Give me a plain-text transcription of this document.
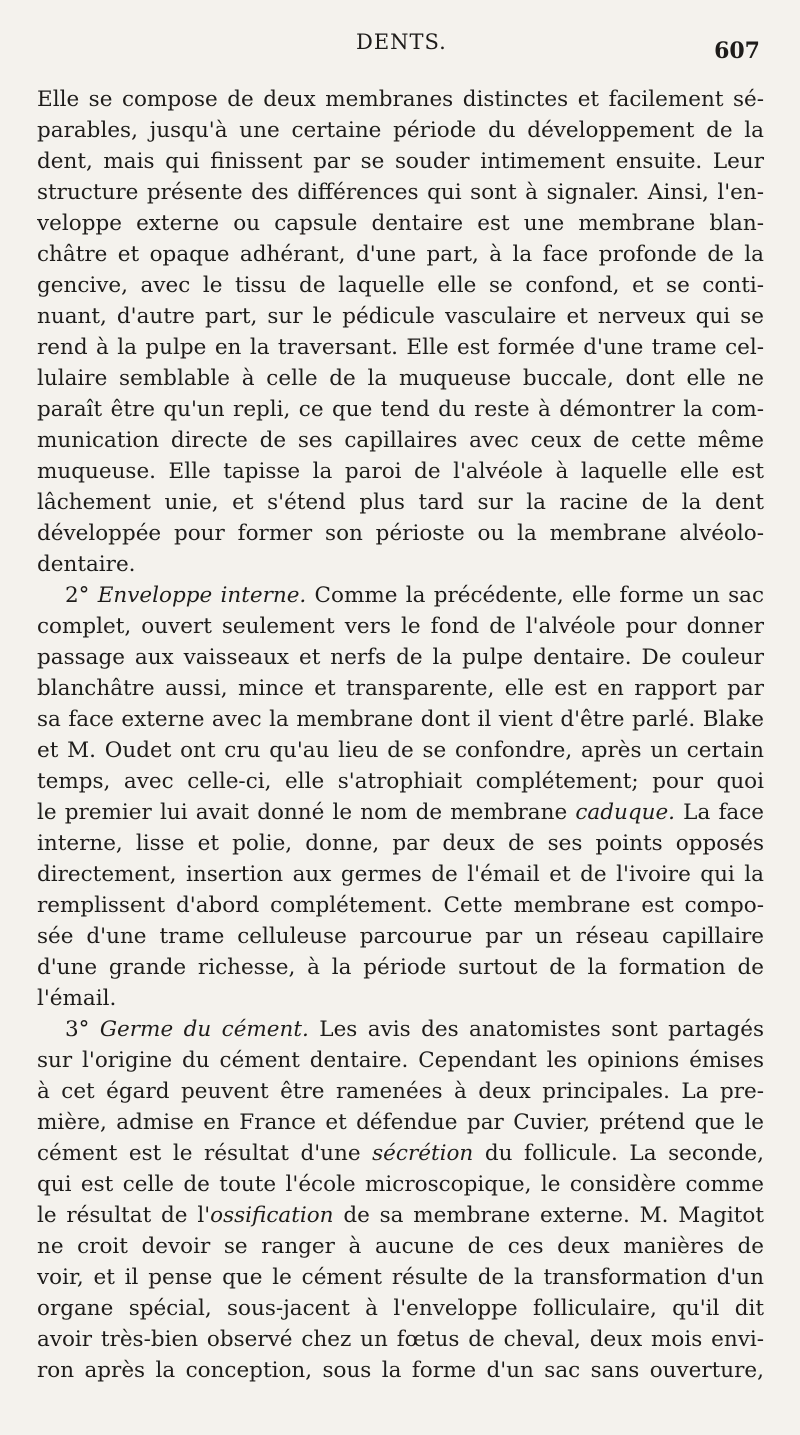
DENTS.	607
Elle se compose de deux membranes distinctes et facilement sé-
parables, jusqu'à une certaine période du développement de la
dent, mais qui finissent par se souder intimement ensuite. Leur
structure présente des différences qui sont à signaler. Ainsi, l'en-
veloppe externe ou capsule dentaire est une membrane blan-
châtre et opaque adhérant, d'une part, à la face profonde de la
gencive, avec le tissu de laquelle elle se confond, et se conti-
nuant, d'autre part, sur le pédicule vasculaire et nerveux qui se
rend à la pulpe en la traversant. Elle est formée d'une trame cel-
lulaire semblable à celle de la muqueuse buccale, dont elle ne
paraît être qu'un repli, ce que tend du reste à démontrer la com-
munication directe de ses capillaires avec ceux de cette même
muqueuse. Elle tapisse la paroi de l'alvéole à laquelle elle est
lâchement unie, et s'étend plus tard sur la racine de la dent
développée pour former son périoste ou la membrane alvéolo-
dentaire.
2° Enveloppe interne. Comme la précédente, elle forme un sac
complet, ouvert seulement vers le fond de l'alvéole pour donner
passage aux vaisseaux et nerfs de la pulpe dentaire. De couleur
blanchâtre aussi, mince et transparente, elle est en rapport par
sa face externe avec la membrane dont il vient d'être parlé. Blake
et M. Oudet ont cru qu'au lieu de se confondre, après un certain
temps, avec celle-ci, elle s'atrophiait complétement; pour quoi
le premier lui avait donné le nom de membrane caduque. La face
interne, lisse et polie, donne, par deux de ses points opposés
directement, insertion aux germes de l'émail et de l'ivoire qui la
remplissent d'abord complétement. Cette membrane est compo-
sée d'une trame celluleuse parcourue par un réseau capillaire
d'une grande richesse, à la période surtout de la formation de
l'émail.
3° Germe du cément. Les avis des anatomistes sont partagés
sur l'origine du cément dentaire. Cependant les opinions émises
à cet égard peuvent être ramenées à deux principales. La pre-
mière, admise en France et défendue par Cuvier, prétend que le
cément est le résultat d'une sécrétion du follicule. La seconde,
qui est celle de toute l'école microscopique, le considère comme
le résultat de l'ossification de sa membrane externe. M. Magitot
ne croit devoir se ranger à aucune de ces deux manières de
voir, et il pense que le cément résulte de la transformation d'un
organe spécial, sous-jacent à l'enveloppe folliculaire, qu'il dit
avoir très-bien observé chez un fœtus de cheval, deux mois envi-
ron après la conception, sous la forme d'un sac sans ouverture,
